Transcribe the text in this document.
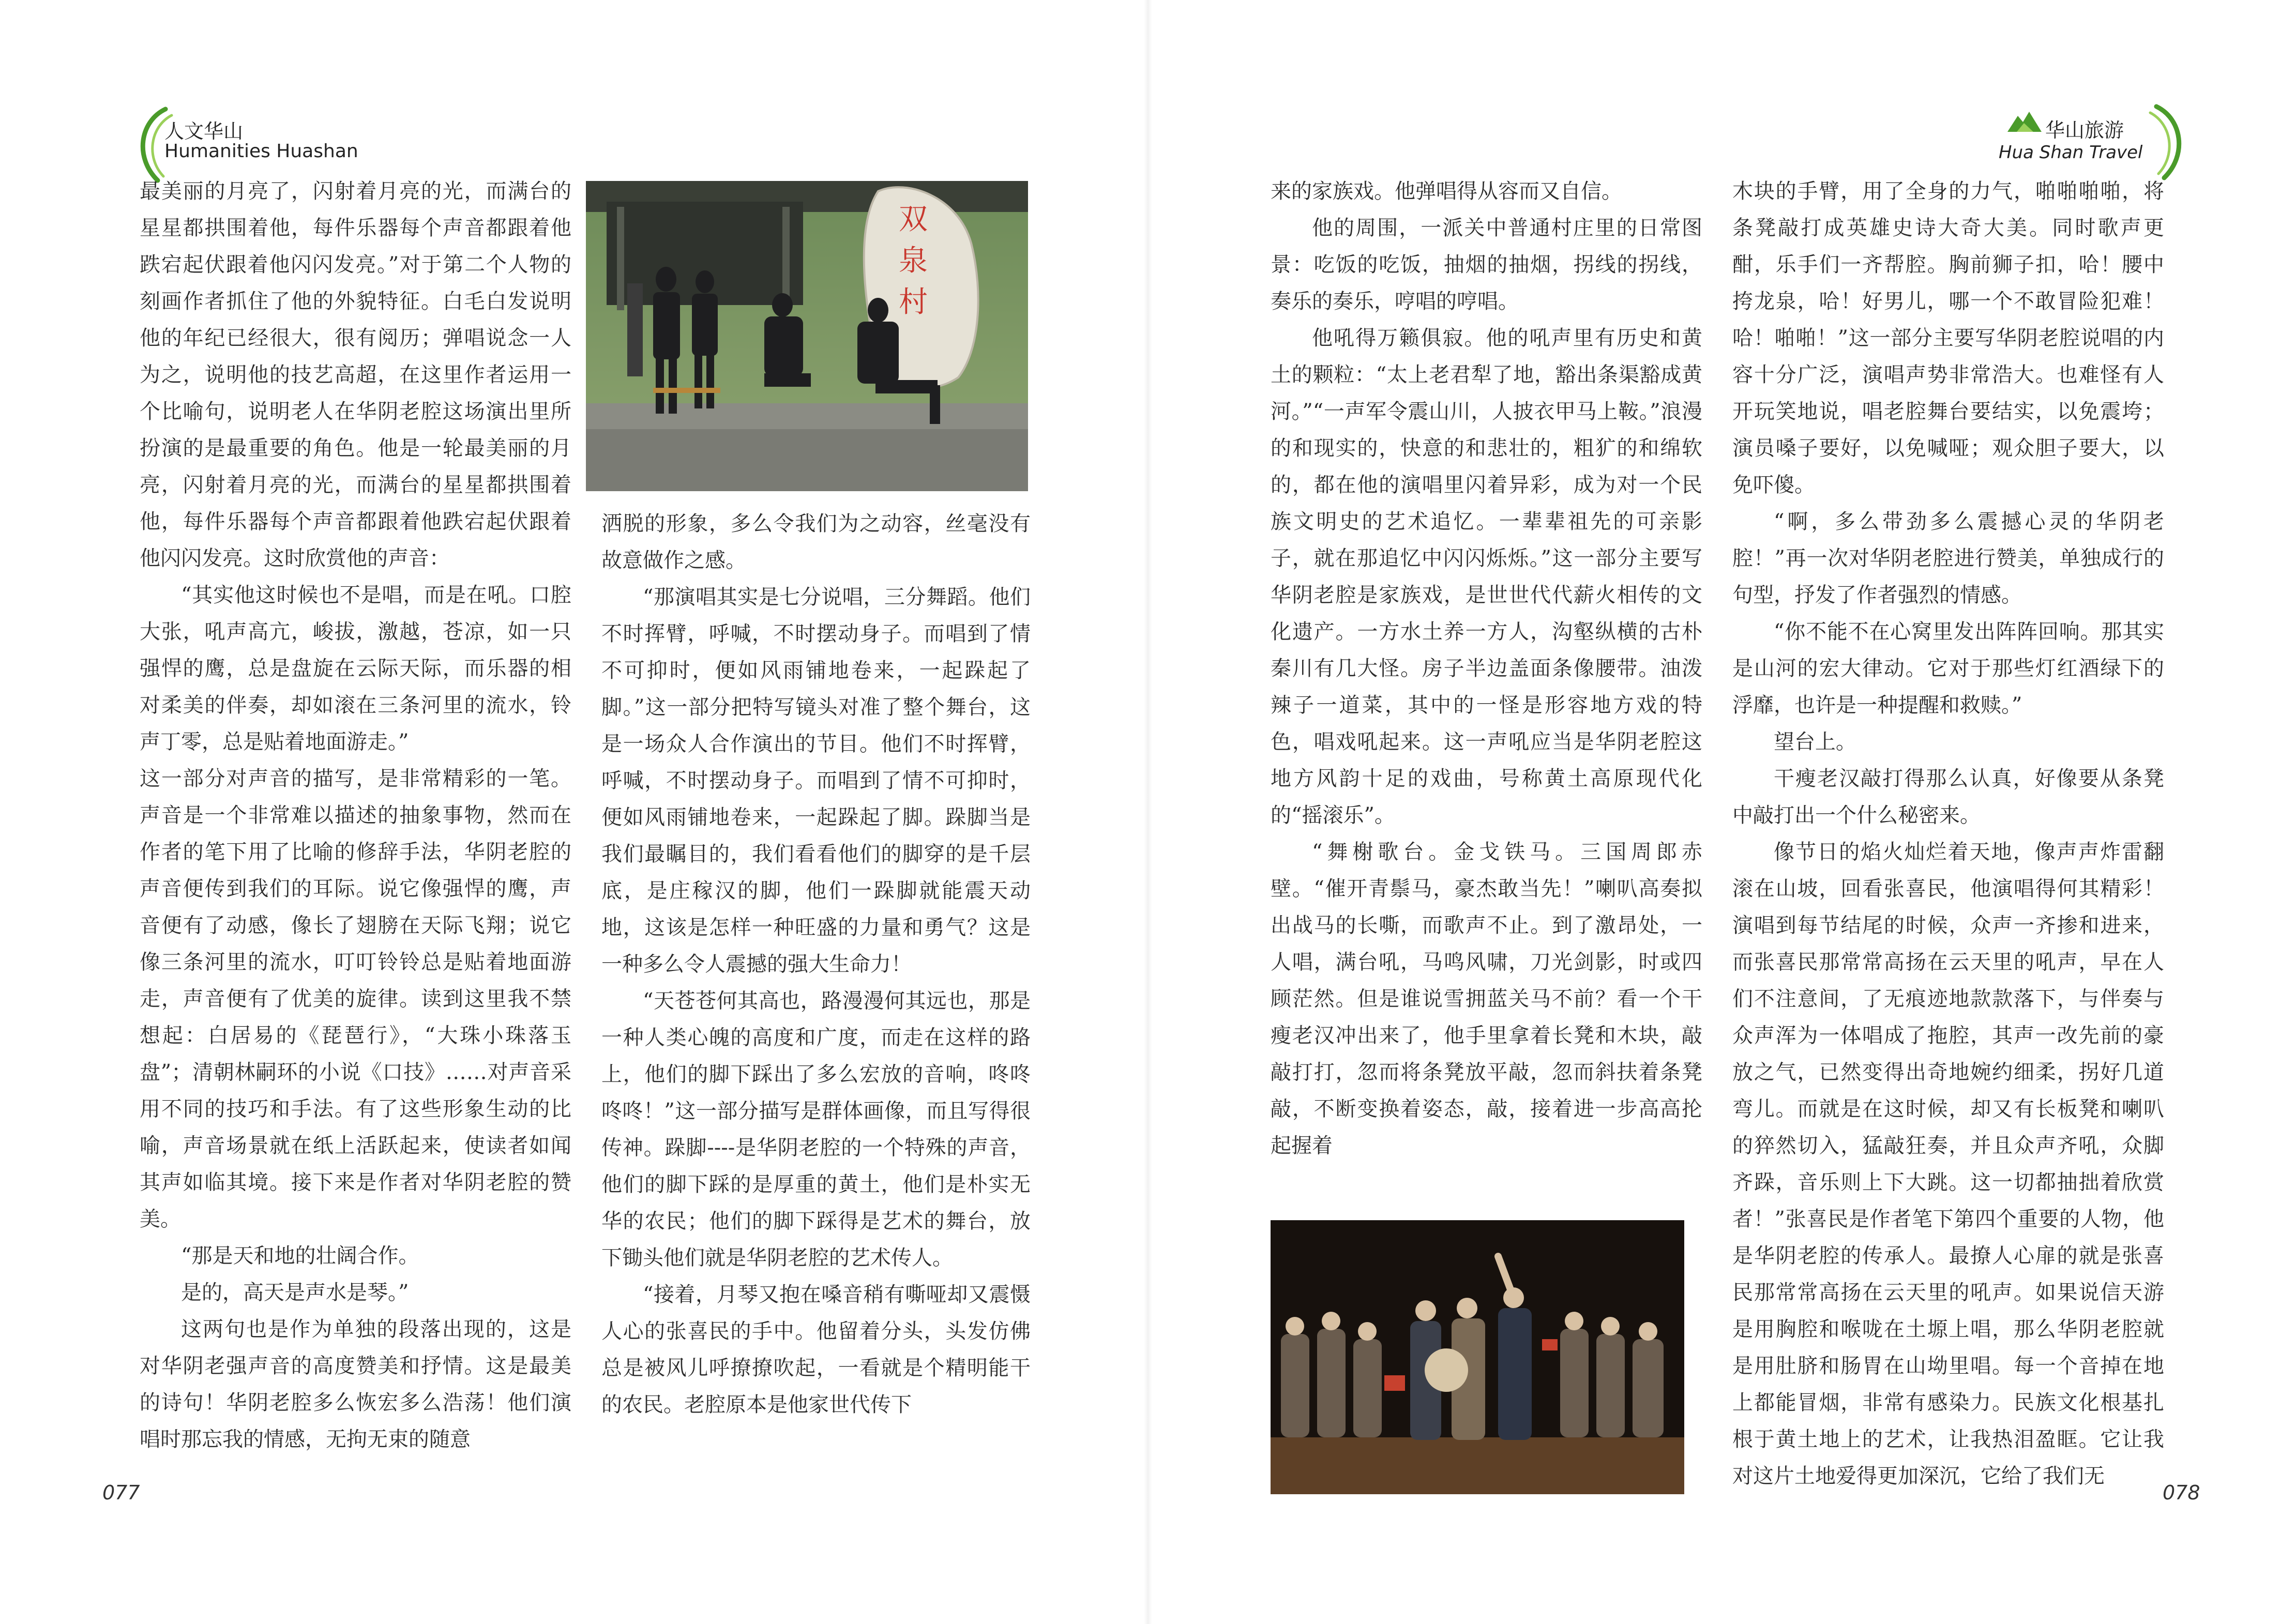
人文华山
Humanities Huashan

最美丽的月亮了，闪射着月亮的光，而满台的星星都拱围着他，每件乐器每个声音都跟着他跌宕起伏跟着他闪闪发亮。”对于第二个人物的刻画作者抓住了他的外貌特征。白毛白发说明他的年纪已经很大，很有阅历；弹唱说念一人为之，说明他的技艺高超，在这里作者运用一个比喻句，说明老人在华阴老腔这场演出里所扮演的是最重要的角色。他是一轮最美丽的月亮，闪射着月亮的光，而满台的星星都拱围着他，每件乐器每个声音都跟着他跌宕起伏跟着他闪闪发亮。这时欣赏他的声音：

“其实他这时候也不是唱，而是在吼。口腔大张，吼声高亢，峻拔，激越，苍凉，如一只强悍的鹰，总是盘旋在云际天际，而乐器的相对柔美的伴奏，却如滚在三条河里的流水，铃声丁零，总是贴着地面游走。”

这一部分对声音的描写，是非常精彩的一笔。声音是一个非常难以描述的抽象事物，然而在作者的笔下用了比喻的修辞手法，华阴老腔的声音便传到我们的耳际。说它像强悍的鹰，声音便有了动感，像长了翅膀在天际飞翔；说它像三条河里的流水，叮叮铃铃总是贴着地面游走，声音便有了优美的旋律。读到这里我不禁想起：白居易的《琵琶行》，“大珠小珠落玉盘”；清朝林嗣环的小说《口技》……对声音采用不同的技巧和手法。有了这些形象生动的比喻，声音场景就在纸上活跃起来，使读者如闻其声如临其境。接下来是作者对华阴老腔的赞美。

“那是天和地的壮阔合作。

是的，高天是声水是琴。”

这两句也是作为单独的段落出现的，这是对华阴老强声音的高度赞美和抒情。这是最美的诗句！华阴老腔多么恢宏多么浩荡！他们演唱时那忘我的情感，无拘无束的随意

双泉村

洒脱的形象，多么令我们为之动容，丝毫没有故意做作之感。

“那演唱其实是七分说唱，三分舞蹈。他们不时挥臂，呼喊，不时摆动身子。而唱到了情不可抑时，便如风雨铺地卷来，一起跺起了脚。”这一部分把特写镜头对准了整个舞台，这是一场众人合作演出的节目。他们不时挥臂，呼喊，不时摆动身子。而唱到了情不可抑时，便如风雨铺地卷来，一起跺起了脚。跺脚当是我们最瞩目的，我们看看他们的脚穿的是千层底，是庄稼汉的脚，他们一跺脚就能震天动地，这该是怎样一种旺盛的力量和勇气？这是一种多么令人震撼的强大生命力！

“天苍苍何其高也，路漫漫何其远也，那是一种人类心魄的高度和广度，而走在这样的路上，他们的脚下踩出了多么宏放的音响，咚咚咚咚！”这一部分描写是群体画像，而且写得很传神。跺脚----是华阴老腔的一个特殊的声音，他们的脚下踩的是厚重的黄土，他们是朴实无华的农民；他们的脚下踩得是艺术的舞台，放下锄头他们就是华阴老腔的艺术传人。

“接着，月琴又抱在嗓音稍有嘶哑却又震慑人心的张喜民的手中。他留着分头，头发仿佛总是被风儿呼撩撩吹起，一看就是个精明能干的农民。老腔原本是他家世代传下

077
华山旅游
Hua Shan Travel

来的家族戏。他弹唱得从容而又自信。

他的周围，一派关中普通村庄里的日常图景：吃饭的吃饭，抽烟的抽烟，拐线的拐线，奏乐的奏乐，哼唱的哼唱。

他吼得万籁俱寂。他的吼声里有历史和黄土的颗粒：“太上老君犁了地，豁出条渠豁成黄河。”“一声军令震山川，人披衣甲马上鞍。”浪漫的和现实的，快意的和悲壮的，粗犷的和绵软的，都在他的演唱里闪着异彩，成为对一个民族文明史的艺术追忆。一辈辈祖先的可亲影子，就在那追忆中闪闪烁烁。”这一部分主要写华阴老腔是家族戏，是世世代代薪火相传的文化遗产。一方水土养一方人，沟壑纵横的古朴秦川有几大怪。房子半边盖面条像腰带。油泼辣子一道菜，其中的一怪是形容地方戏的特色，唱戏吼起来。这一声吼应当是华阴老腔这地方风韵十足的戏曲，号称黄土高原现代化的“摇滚乐”。

“舞榭歌台。金戈铁马。三国周郎赤壁。“催开青鬃马，豪杰敢当先！”喇叭高奏拟出战马的长嘶，而歌声不止。到了激昂处，一人唱，满台吼，马鸣风啸，刀光剑影，时或四顾茫然。但是谁说雪拥蓝关马不前？看一个干瘦老汉冲出来了，他手里拿着长凳和木块，敲敲打打，忽而将条凳放平敲，忽而斜扶着条凳敲，不断变换着姿态，敲，接着进一步高高抡起握着

木块的手臂，用了全身的力气，啪啪啪啪，将条凳敲打成英雄史诗大奇大美。同时歌声更酣，乐手们一齐帮腔。胸前狮子扣，哈！腰中挎龙泉，哈！好男儿，哪一个不敢冒险犯难！哈！啪啪！”这一部分主要写华阴老腔说唱的内容十分广泛，演唱声势非常浩大。也难怪有人开玩笑地说，唱老腔舞台要结实，以免震垮；演员嗓子要好，以免喊哑；观众胆子要大，以免吓傻。

“啊，多么带劲多么震撼心灵的华阴老腔！”再一次对华阴老腔进行赞美，单独成行的句型，抒发了作者强烈的情感。

“你不能不在心窝里发出阵阵回响。那其实是山河的宏大律动。它对于那些灯红酒绿下的浮靡，也许是一种提醒和救赎。”

望台上。

干瘦老汉敲打得那么认真，好像要从条凳中敲打出一个什么秘密来。

像节日的焰火灿烂着天地，像声声炸雷翻滚在山坡，回看张喜民，他演唱得何其精彩！演唱到每节结尾的时候，众声一齐掺和进来，而张喜民那常常高扬在云天里的吼声，早在人们不注意间，了无痕迹地款款落下，与伴奏与众声浑为一体唱成了拖腔，其声一改先前的豪放之气，已然变得出奇地婉约细柔，拐好几道弯儿。而就是在这时候，却又有长板凳和喇叭的猝然切入，猛敲狂奏，并且众声齐吼，众脚齐跺，音乐则上下大跳。这一切都抽拙着欣赏者！”张喜民是作者笔下第四个重要的人物，他是华阴老腔的传承人。最撩人心扉的就是张喜民那常常高扬在云天里的吼声。如果说信天游是用胸腔和喉咙在土塬上唱，那么华阴老腔就是用肚脐和肠胃在山坳里唱。每一个音掉在地上都能冒烟，非常有感染力。民族文化根基扎根于黄土地上的艺术，让我热泪盈眶。它让我对这片土地爱得更加深沉，它给了我们无

078
